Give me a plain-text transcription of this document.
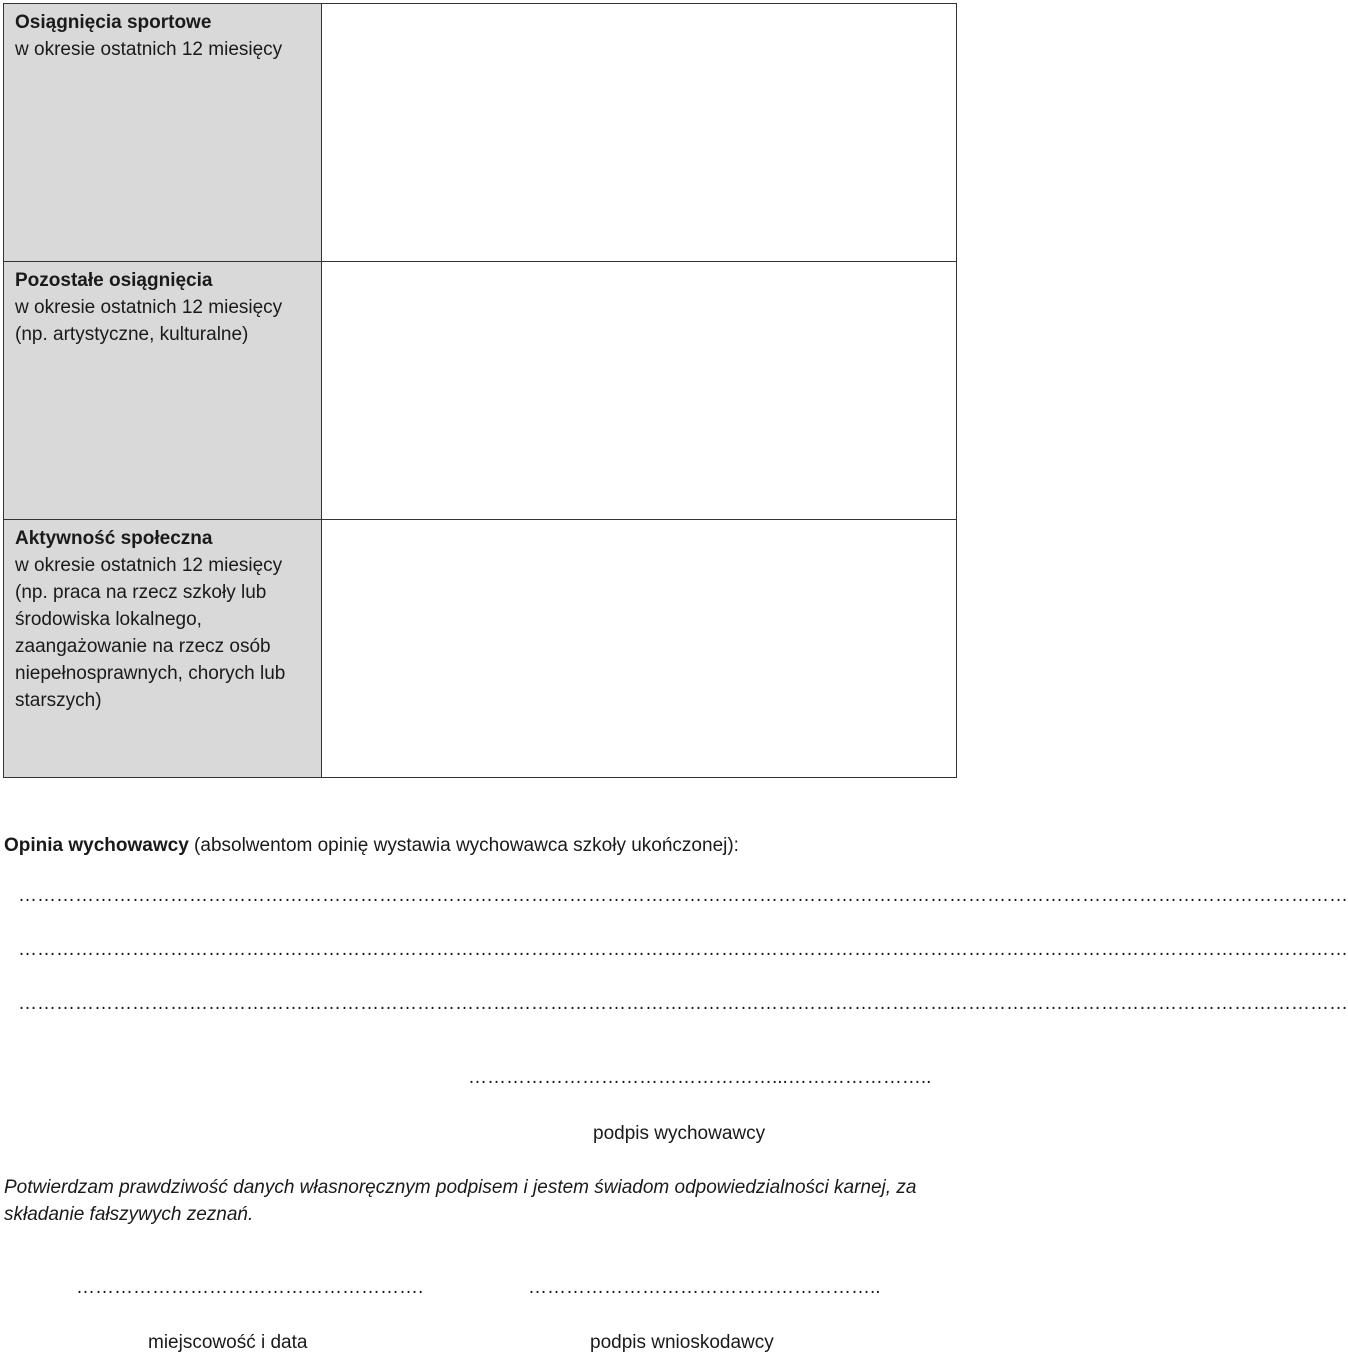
Osiągnięcia sportowe
w okresie ostatnich 12 miesięcy	

Pozostałe osiągnięcia
w okresie ostatnich 12 miesięcy (np. artystyczne, kulturalne)	

Aktywność społeczna
w okresie ostatnich 12 miesięcy (np. praca na rzecz szkoły lub środowiska lokalnego, zaangażowanie na rzecz osób niepełnosprawnych, chorych lub starszych)	

Opinia wychowawcy (absolwentom opinię wystawia wychowawca szkoły ukończonej):
…………………………………………………………………………………………………………………………………………………………………………………………
…………………………………………………………………………………………………………………………………………………………………………………………
…………………………………………………………………………………………………………………………………………………………………………………………
…………………………………………...…………………..
podpis wychowawcy
Potwierdzam prawdziwość danych własnoręcznym podpisem i jestem świadom odpowiedzialności karnej, za składanie fałszywych zeznań.
……………………………………………….	………………………………………………..
miejscowość i data	podpis wnioskodawcy
